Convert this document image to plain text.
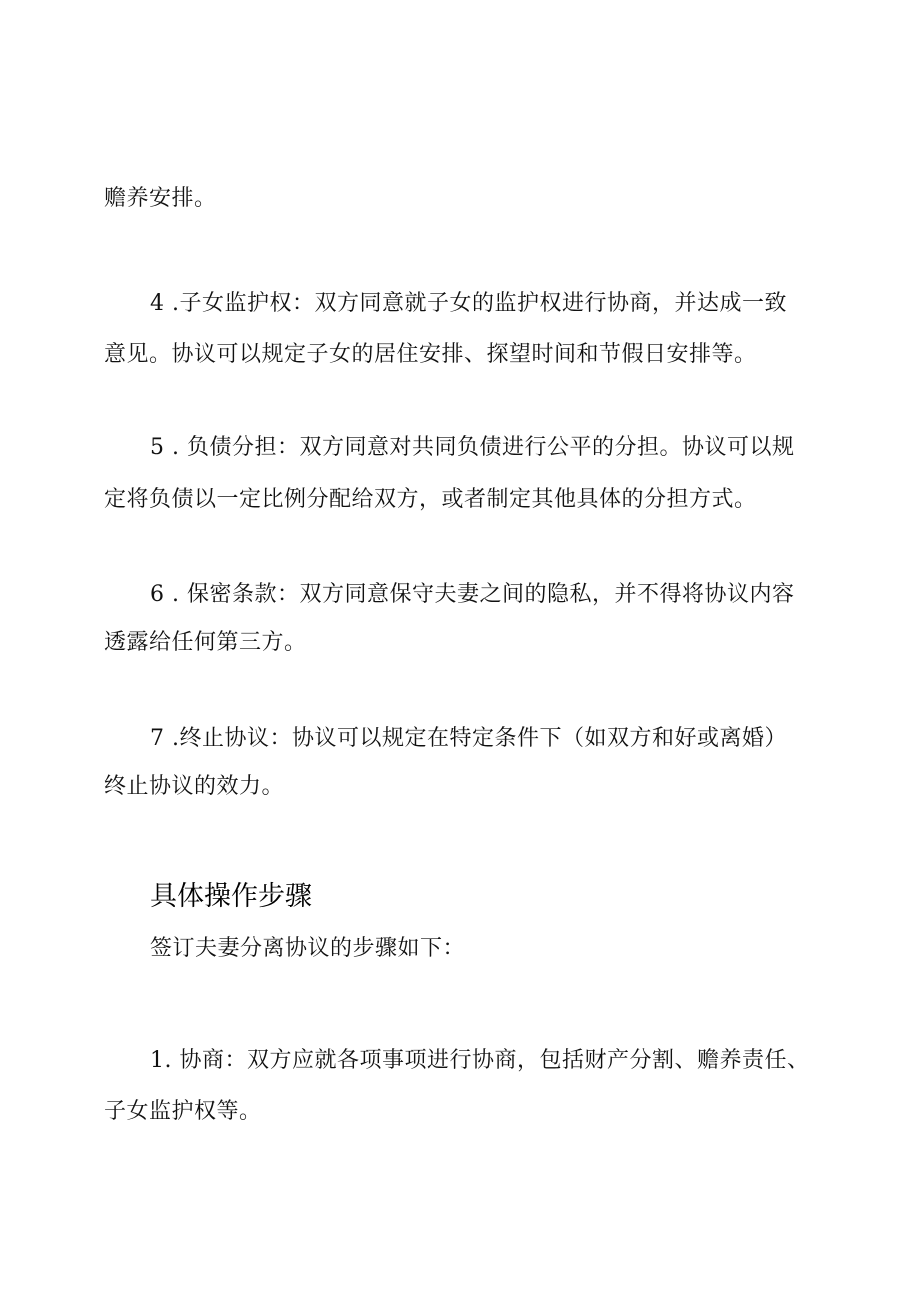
赡养安排。
4 .子女监护权：双方同意就子女的监护权进行协商，并达成一致
意见。协议可以规定子女的居住安排、探望时间和节假日安排等。
5 . 负债分担：双方同意对共同负债进行公平的分担。协议可以规
定将负债以一定比例分配给双方，或者制定其他具体的分担方式。
6 . 保密条款：双方同意保守夫妻之间的隐私，并不得将协议内容
透露给任何第三方。
7 .终止协议：协议可以规定在特定条件下（如双方和好或离婚）
终止协议的效力。
具体操作步骤
签订夫妻分离协议的步骤如下：
1. 协商：双方应就各项事项进行协商，包括财产分割、赡养责任、
子女监护权等。
